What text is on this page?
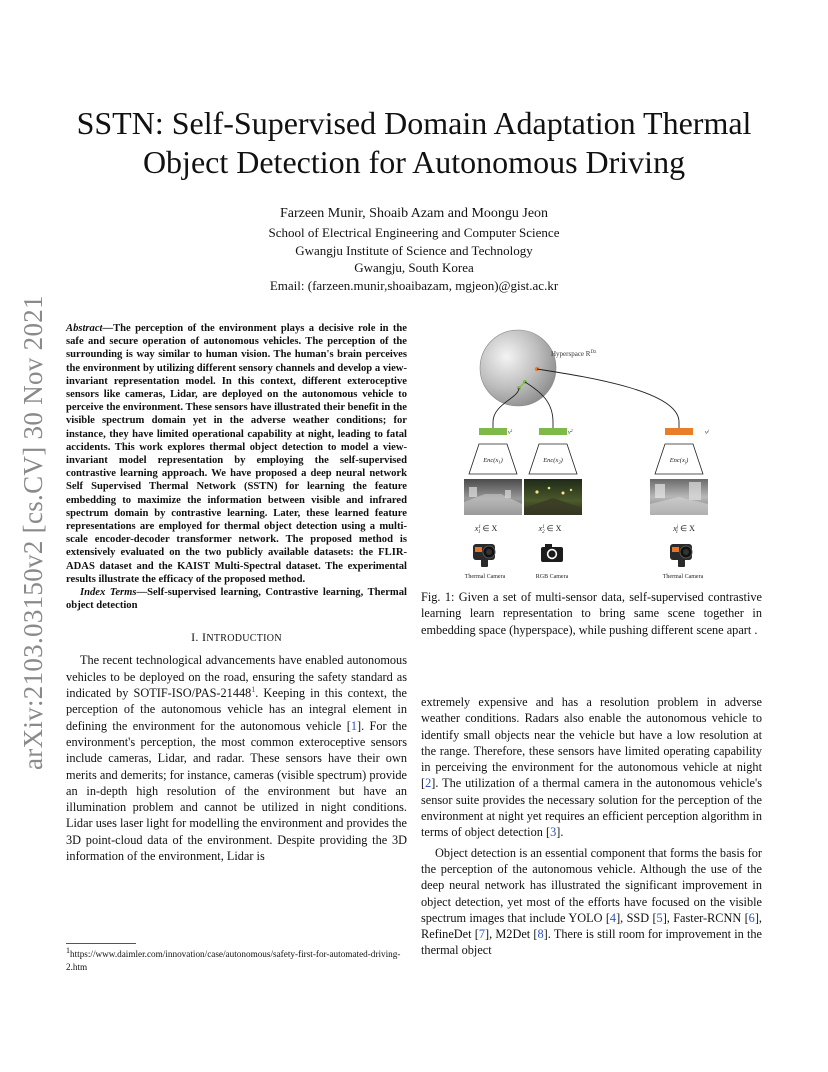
arXiv:2103.03150v2 [cs.CV] 30 Nov 2021
SSTN: Self-Supervised Domain Adaptation Thermal
Object Detection for Autonomous Driving
Farzeen Munir, Shoaib Azam and Moongu Jeon
School of Electrical Engineering and Computer Science
Gwangju Institute of Science and Technology
Gwangju, South Korea
Email: (farzeen.munir,shoaibazam, mgjeon)@gist.ac.kr
Abstract—The perception of the environment plays a decisive role in the safe and secure operation of autonomous vehicles. The perception of the surrounding is way similar to human vision. The human's brain perceives the environment by utilizing different sensory channels and develop a view-invariant representation model. In this context, different exteroceptive sensors like cameras, Lidar, are deployed on the autonomous vehicle to perceive the environment. These sensors have illustrated their benefit in the visible spectrum domain yet in the adverse weather conditions; for instance, they have limited operational capability at night, leading to fatal accidents. This work explores thermal object detection to model a view-invariant model representation by employing the self-supervised contrastive learning approach. We have proposed a deep neural network Self Supervised Thermal Network (SSTN) for learning the feature embedding to maximize the information between visible and infrared spectrum domain by contrastive learning. Later, these learned feature representations are employed for thermal object detection using a multi-scale encoder-decoder transformer network. The proposed method is extensively evaluated on the two publicly available datasets: the FLIR-ADAS dataset and the KAIST Multi-Spectral dataset. The experimental results illustrate the efficacy of the proposed method.
Index Terms—Self-supervised learning, Contrastive learning, Thermal object detection
I. INTRODUCTION

The recent technological advancements have enabled autonomous vehicles to be deployed on the road, ensuring the safety standard as indicated by SOTIF-ISO/PAS-21448$^1$. Keeping in this context, the perception of the autonomous vehicle has an integral element in defining the environment for the autonomous vehicle [1]. For the environment's perception, the most common exteroceptive sensors include cameras, Lidar, and radar. These sensors have their own merits and demerits; for instance, cameras (visible spectrum) provide an in-depth high resolution of the environment but have an illumination problem and cannot be utilized in night conditions. Lidar uses laser light for modelling the environment and provides the 3D point-cloud data of the environment. Despite providing the 3D information of the environment, Lidar is

$^1$https://www.daimler.com/innovation/case/autonomous/safety-first-for-automated-driving-2.htm
Hyperspace $R^{Dz}$
$v^1$
$Enc(x_1)$
$v^2$
$Enc(x_2)$
$v^j$
$Enc(x_j)$
$x^1$ 1 ∈ X	$x^1$ 2 ∈ X	$x^j$ 1 ∈ X
Thermal Camera	RGB Camera	Thermal Camera
Fig. 1: Given a set of multi-sensor data, self-supervised contrastive learning learn representation to bring same scene together in embedding space (hyperspace), while pushing different scene apart .

extremely expensive and has a resolution problem in adverse weather conditions. Radars also enable the autonomous vehicle to identify small objects near the vehicle but have a low resolution at the range. Therefore, these sensors have limited operating capability in perceiving the environment for the autonomous vehicle at night [2]. The utilization of a thermal camera in the autonomous vehicle's sensor suite provides the necessary solution for the perception of the environment at night yet requires an efficient perception algorithm in terms of object detection [3].

Object detection is an essential component that forms the basis for the perception of the autonomous vehicle. Although the use of the deep neural network has illustrated the significant improvement in object detection, yet most of the efforts have focused on the visible spectrum images that include YOLO [4], SSD [5], Faster-RCNN [6], RefineDet [7], M2Det [8]. There is still room for improvement in the thermal object
